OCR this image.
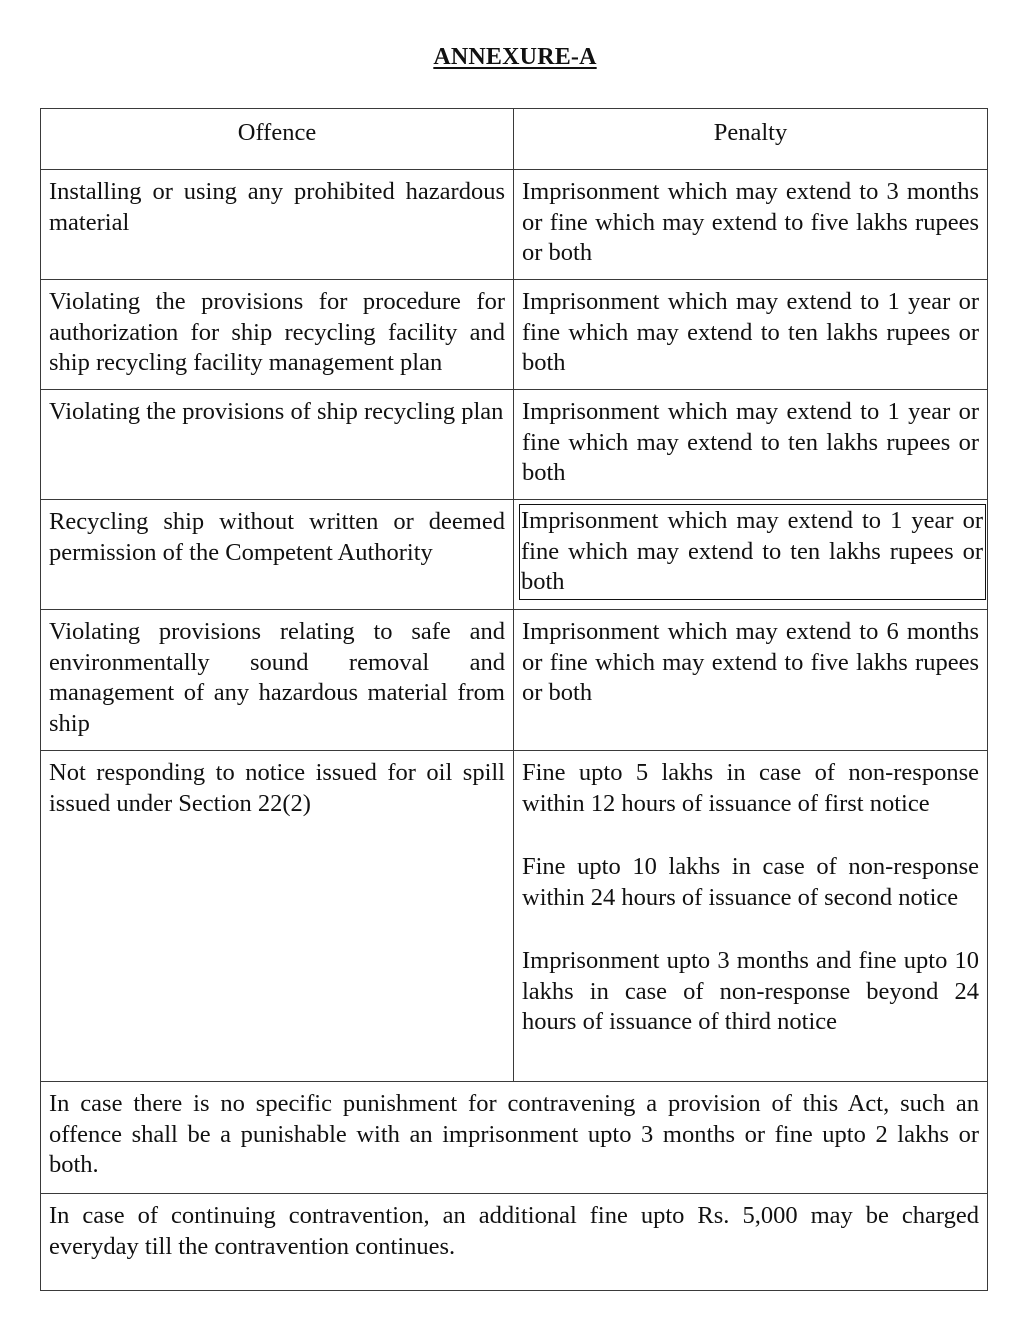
ANNEXURE-A
Offence	Penalty
Installing or using any prohibited hazardous material	Imprisonment which may extend to 3 months or fine which may extend to five lakhs rupees or both
Violating the provisions for procedure for authorization for ship recycling facility and ship recycling facility management plan	Imprisonment which may extend to 1 year or fine which may extend to ten lakhs rupees or both
Violating the provisions of ship recycling plan	Imprisonment which may extend to 1 year or fine which may extend to ten lakhs rupees or both
Recycling ship without written or deemed permission of the Competent Authority	Imprisonment which may extend to 1 year or fine which may extend to ten lakhs rupees or both

Violating provisions relating to safe and environmentally sound removal and management of any hazardous material from ship	Imprisonment which may extend to 6 months or fine which may extend to five lakhs rupees or both
Not responding to notice issued for oil spill issued under Section 22(2)	Fine upto 5 lakhs in case of non-response within 12 hours of issuance of first notice
Fine upto 10 lakhs in case of non-response within 24 hours of issuance of second notice
Imprisonment upto 3 months and fine upto 10 lakhs in case of non-response beyond 24 hours of issuance of third notice

In case there is no specific punishment for contravening a provision of this Act, such an offence shall be a punishable with an imprisonment upto 3 months or fine upto 2 lakhs or both.	
In case of continuing contravention, an additional fine upto Rs. 5,000 may be charged everyday till the contravention continues.	
